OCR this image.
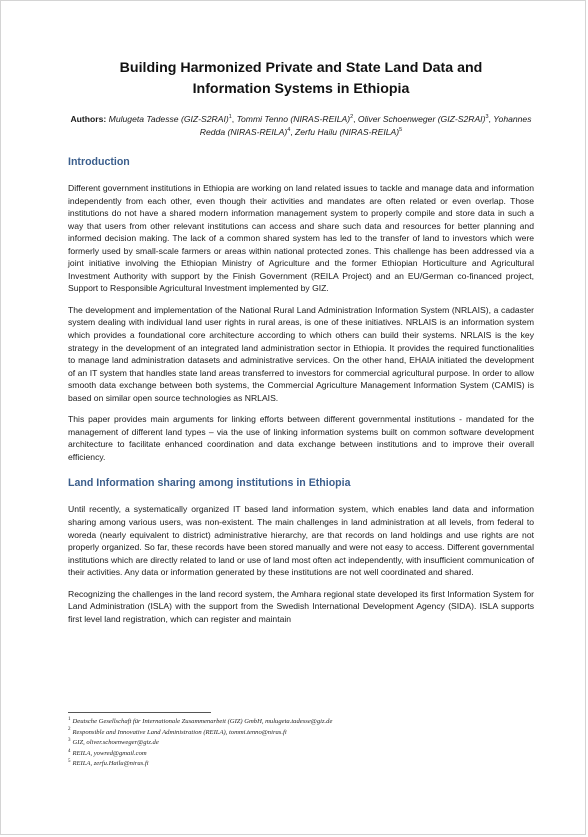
Building Harmonized Private and State Land Data and Information Systems in Ethiopia
Authors: Mulugeta Tadesse $(GIZ-S2RAI)^1$, Tommi Tenno (NIRAS-REILA)$^2$, Oliver Schoenweger $(GIZ-S2RAI)^3$, Yohannes Redda (NIRAS-REILA)$^4$, Zerfu Hailu (NIRAS-REILA)$^5$
Introduction

Different government institutions in Ethiopia are working on land related issues to tackle and manage data and information independently from each other, even though their activities and mandates are often related or even overlap. Those institutions do not have a shared modern information management system to properly compile and store data in such a way that users from other relevant institutions can access and share such data and resources for better planning and informed decision making. The lack of a common shared system has led to the transfer of land to investors which were formerly used by small-scale farmers or areas within national protected zones. This challenge has been addressed via a joint initiative involving the Ethiopian Ministry of Agriculture and the former Ethiopian Horticulture and Agricultural Investment Authority with support by the Finish Government (REILA Project) and an EU/German co-financed project, Support to Responsible Agricultural Investment implemented by GIZ.

The development and implementation of the National Rural Land Administration Information System (NRLAIS), a cadaster system dealing with individual land user rights in rural areas, is one of these initiatives. NRLAIS is an information system which provides a foundational core architecture according to which others can build their systems. NRLAIS is the key strategy in the development of an integrated land administration sector in Ethiopia. It provides the required functionalities to manage land administration datasets and administrative services. On the other hand, EHAIA initiated the development of an IT system that handles state land areas transferred to investors for commercial agricultural purpose. In order to allow smooth data exchange between both systems, the Commercial Agriculture Management Information System (CAMIS) is based on similar open source technologies as NRLAIS.

This paper provides main arguments for linking efforts between different governmental institutions - mandated for the management of different land types – via the use of linking information systems built on common software development architecture to facilitate enhanced coordination and data exchange between institutions and to improve their overall efficiency.

Land Information sharing among institutions in Ethiopia

Until recently, a systematically organized IT based land information system, which enables land data and information sharing among various users, was non-existent. The main challenges in land administration at all levels, from federal to woreda (nearly equivalent to district) administrative hierarchy, are that records on land holdings and use rights are not properly organized. So far, these records have been stored manually and were not easy to access. Different governmental institutions which are directly related to land or use of land most often act independently, with insufficient communication of their activities. Any data or information generated by these institutions are not well coordinated and shared.

Recognizing the challenges in the land record system, the Amhara regional state developed its first Information System for Land Administration (ISLA) with the support from the Swedish International Development Agency (SIDA). ISLA supports first level land registration, which can register and maintain

$^1$ Deutsche Gesellschaft für Internationale Zusammenarbeit (GIZ) GmbH, mulugeta.tadesse@giz.de
$^2$ Responsible and Innovative Land Administration (REILA), tommi.tenno@niras.fi
$^3$ GIZ, oliver.schoenweger@giz.de
$^4$ REILA, yowred@gmail.com
$^5$ REILA, zerfu.Hailu@niras.fi
